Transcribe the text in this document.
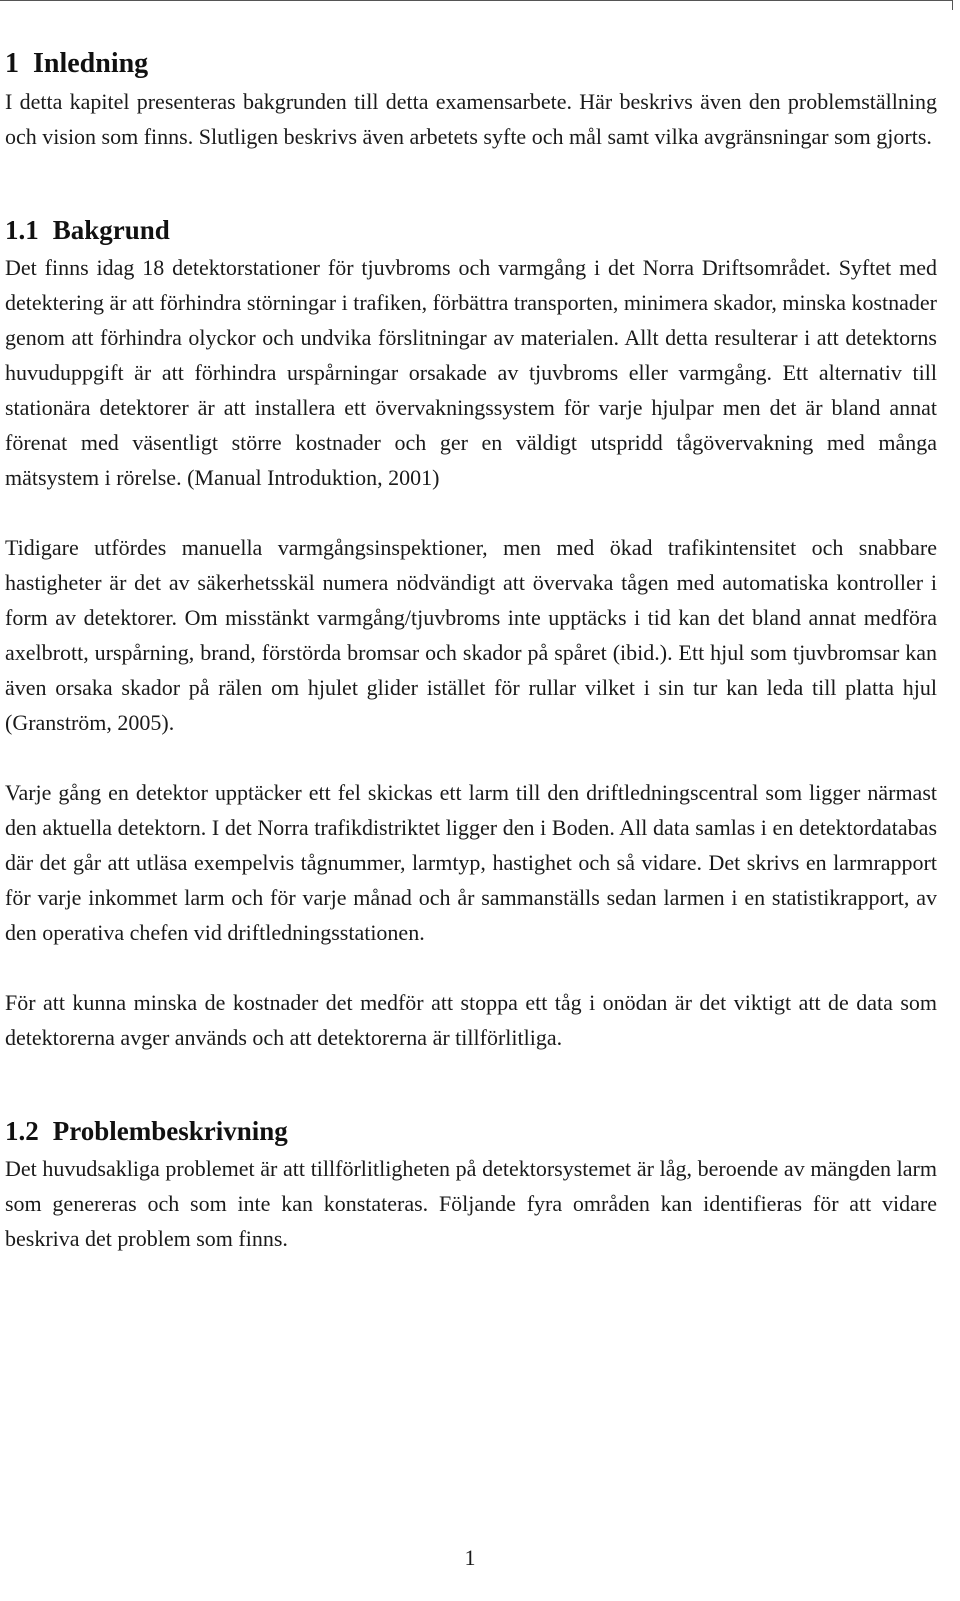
1 Inledning

I detta kapitel presenteras bakgrunden till detta examensarbete. Här beskrivs även den problemställning och vision som finns. Slutligen beskrivs även arbetets syfte och mål samt vilka avgränsningar som gjorts.

1.1 Bakgrund

Det finns idag 18 detektorstationer för tjuvbroms och varmgång i det Norra Driftsområdet. Syftet med detektering är att förhindra störningar i trafiken, förbättra transporten, minimera skador, minska kostnader genom att förhindra olyckor och undvika förslitningar av materialen. Allt detta resulterar i att detektorns huvuduppgift är att förhindra urspårningar orsakade av tjuvbroms eller varmgång. Ett alternativ till stationära detektorer är att installera ett övervakningssystem för varje hjulpar men det är bland annat förenat med väsentligt större kostnader och ger en väldigt utspridd tågövervakning med många mätsystem i rörelse. (Manual Introduktion, 2001)

Tidigare utfördes manuella varmgångsinspektioner, men med ökad trafikintensitet och snabbare hastigheter är det av säkerhetsskäl numera nödvändigt att övervaka tågen med automatiska kontroller i form av detektorer. Om misstänkt varmgång/tjuvbroms inte upptäcks i tid kan det bland annat medföra axelbrott, urspårning, brand, förstörda bromsar och skador på spåret (ibid.). Ett hjul som tjuvbromsar kan även orsaka skador på rälen om hjulet glider istället för rullar vilket i sin tur kan leda till platta hjul (Granström, 2005).

Varje gång en detektor upptäcker ett fel skickas ett larm till den driftledningscentral som ligger närmast den aktuella detektorn. I det Norra trafikdistriktet ligger den i Boden. All data samlas i en detektordatabas där det går att utläsa exempelvis tågnummer, larmtyp, hastighet och så vidare. Det skrivs en larmrapport för varje inkommet larm och för varje månad och år sammanställs sedan larmen i en statistikrapport, av den operativa chefen vid driftledningsstationen.

För att kunna minska de kostnader det medför att stoppa ett tåg i onödan är det viktigt att de data som detektorerna avger används och att detektorerna är tillförlitliga.

1.2 Problembeskrivning

Det huvudsakliga problemet är att tillförlitligheten på detektorsystemet är låg, beroende av mängden larm som genereras och som inte kan konstateras. Följande fyra områden kan identifieras för att vidare beskriva det problem som finns.

1
